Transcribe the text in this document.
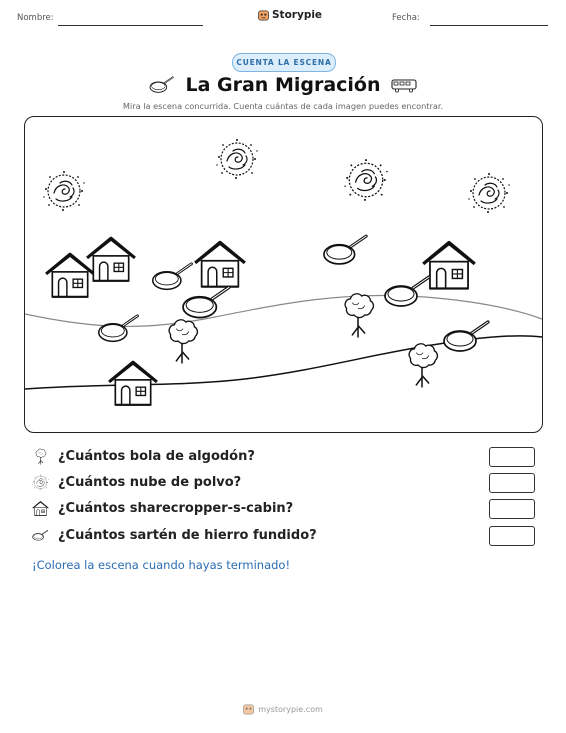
Nombre:	Storypie	Fecha:
CUENTA LA ESCENA
La Gran Migración
Mira la escena concurrida. Cuenta cuántas de cada imagen puedes encontrar.
¿Cuántos bola de algodón?
¿Cuántos nube de polvo?
¿Cuántos sharecropper-s-cabin?
¿Cuántos sartén de hierro fundido?
¡Colorea la escena cuando hayas terminado!
mystorypie.com
